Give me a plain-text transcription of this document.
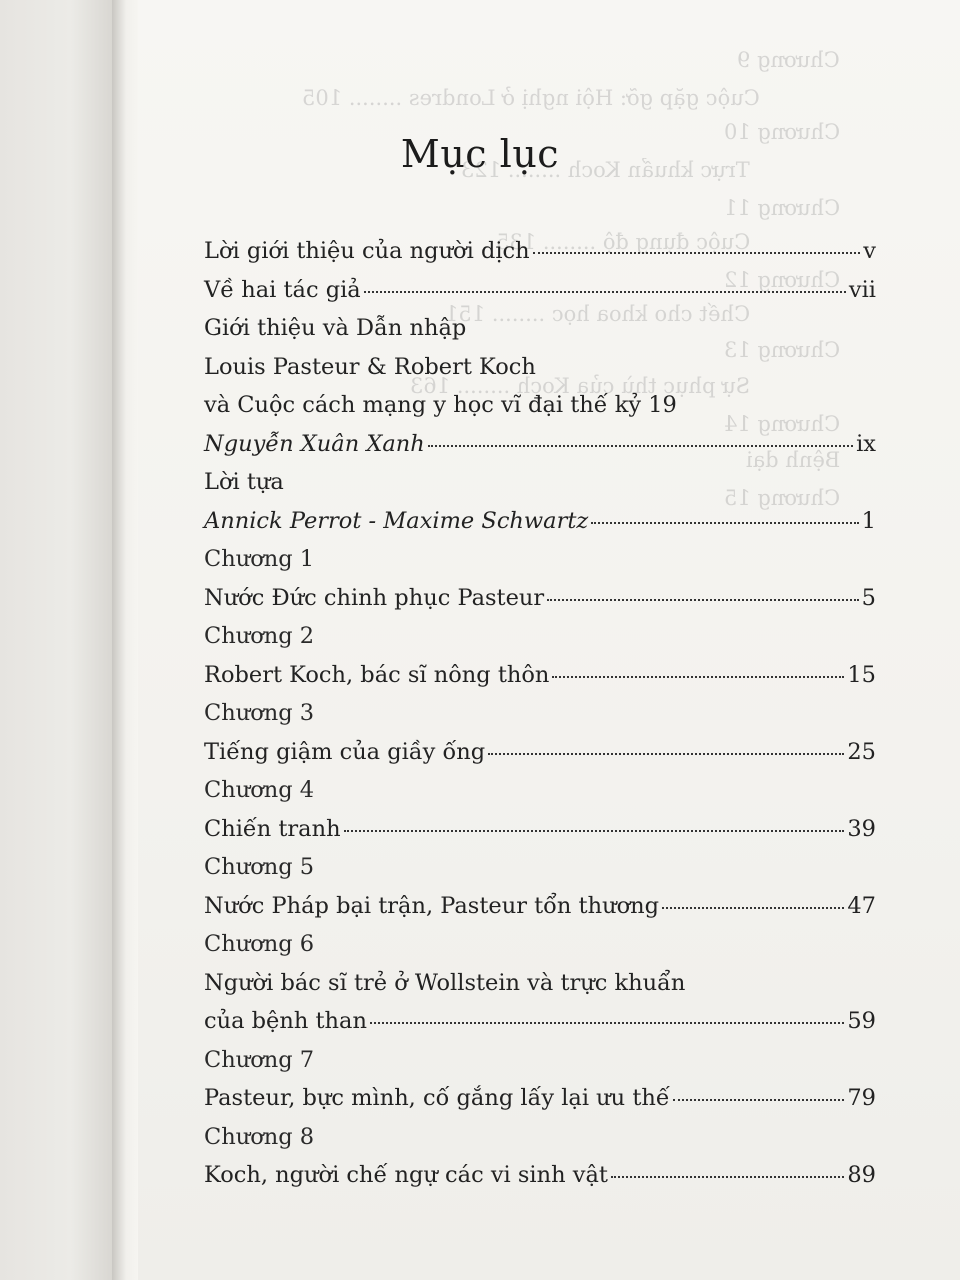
Chương 9
Cuộc gặp gỡ: Hội nghị ở Londres ........ 105
Chương 10
Trực khuẩn Koch ........ 123
Chương 11
Cuộc đụng độ ........ 135
Chương 12
Chết cho khoa học ........ 151
Chương 13
Sự phục thù của Koch ........ 163
Chương 14
Bệnh dại
Chương 15
Mục lục
Lời giới thiệu của người dịch	v
Về hai tác giả	vii
Giới thiệu và Dẫn nhập
Louis Pasteur & Robert Koch
và Cuộc cách mạng y học vĩ đại thế kỷ 19
Nguyễn Xuân Xanh	ix
Lời tựa
Annick Perrot - Maxime Schwartz	1
Chương 1
Nước Đức chinh phục Pasteur	5
Chương 2
Robert Koch, bác sĩ nông thôn	15
Chương 3
Tiếng giậm của giầy ống	25
Chương 4
Chiến tranh	39
Chương 5
Nước Pháp bại trận, Pasteur tổn thương	47
Chương 6
Người bác sĩ trẻ ở Wollstein và trực khuẩn
của bệnh than	59
Chương 7
Pasteur, bực mình, cố gắng lấy lại ưu thế	79
Chương 8
Koch, người chế ngự các vi sinh vật	89
